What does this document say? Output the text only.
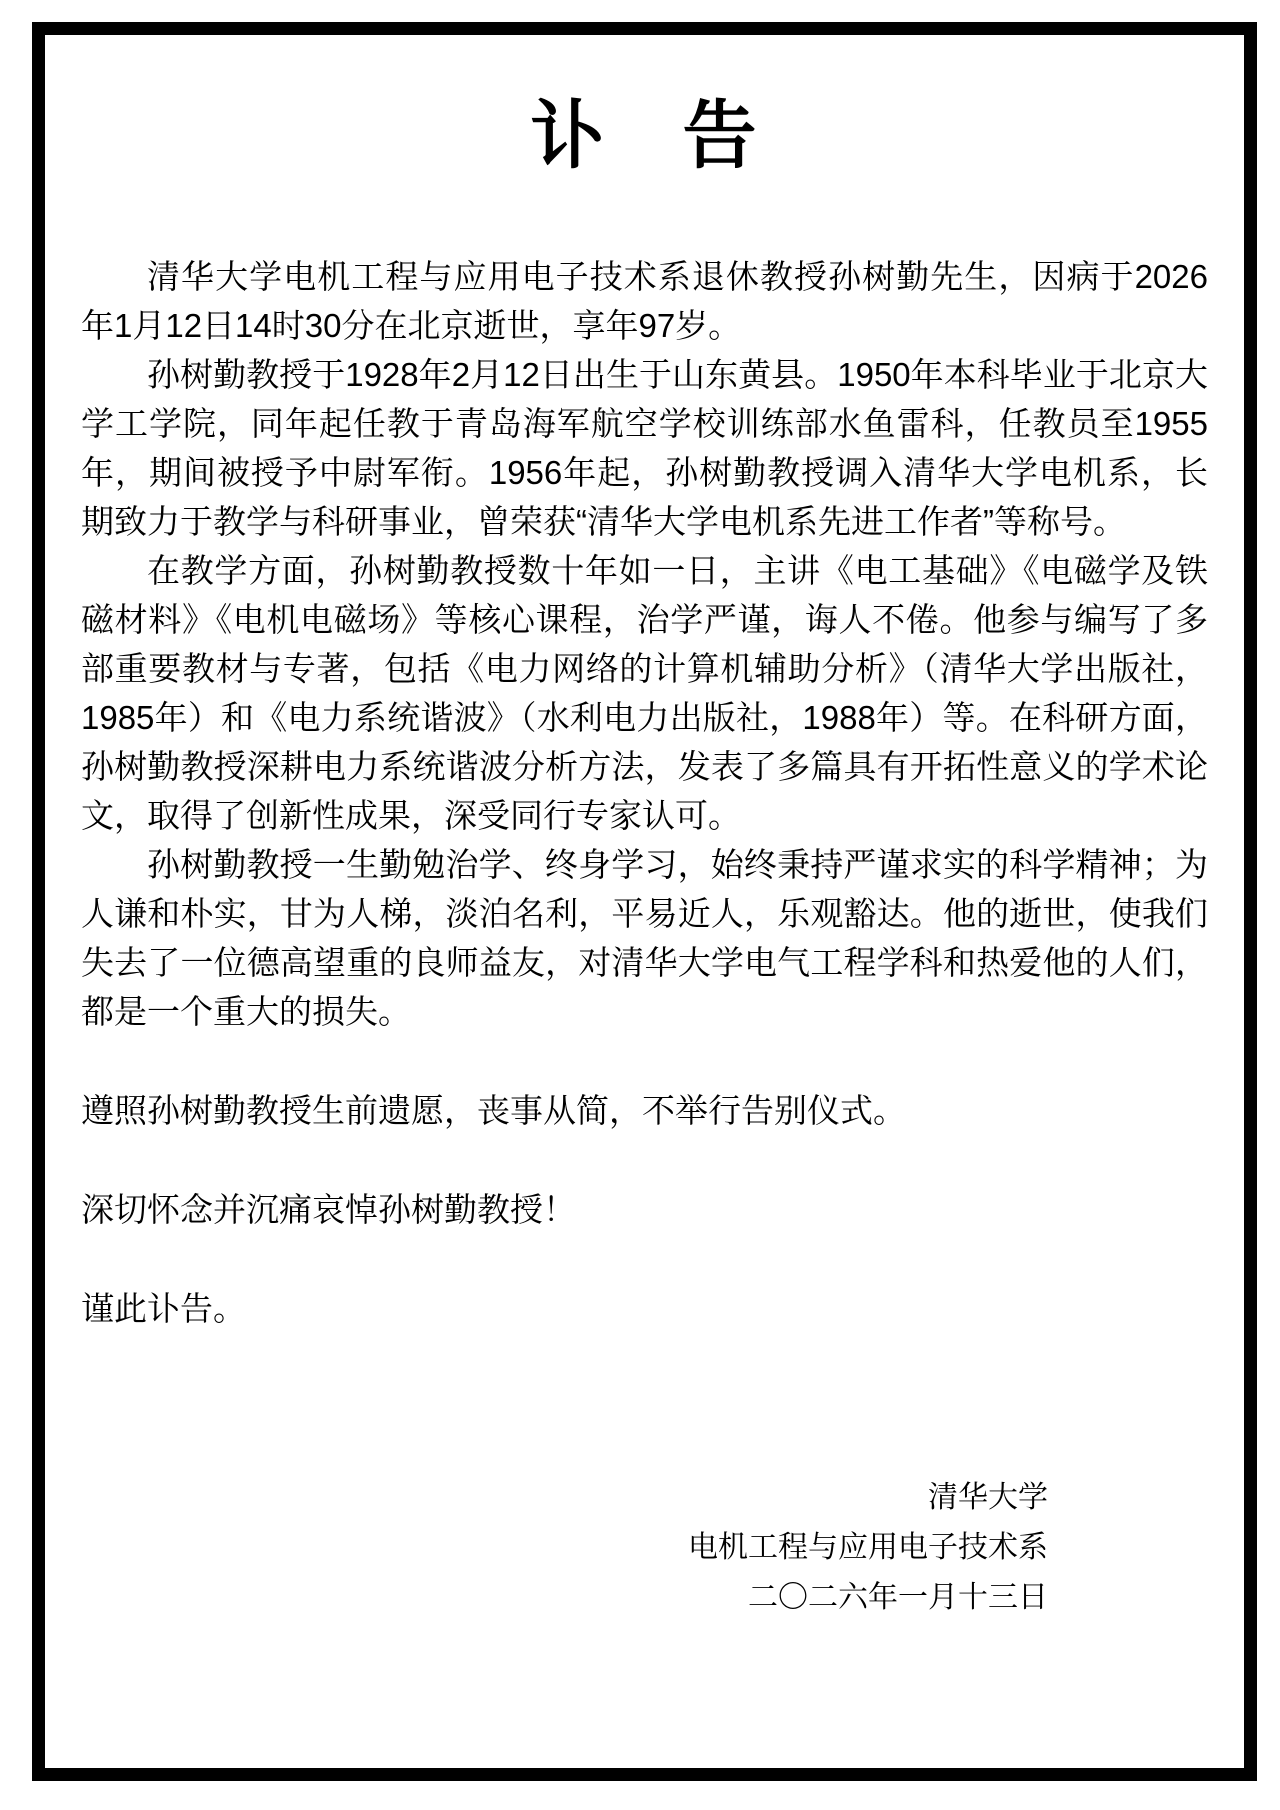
讣　告

清华大学电机工程与应用电子技术系退休教授孙树勤先生，因病于2026年1月12日14时30分在北京逝世，享年97岁。

孙树勤教授于1928年2月12日出生于山东黄县。1950年本科毕业于北京大学工学院，同年起任教于青岛海军航空学校训练部水鱼雷科，任教员至1955年，期间被授予中尉军衔。1956年起，孙树勤教授调入清华大学电机系，长期致力于教学与科研事业，曾荣获“清华大学电机系先进工作者”等称号。

在教学方面，孙树勤教授数十年如一日，主讲《电工基础》《电磁学及铁磁材料》《电机电磁场》等核心课程，治学严谨，诲人不倦。他参与编写了多部重要教材与专著，包括《电力网络的计算机辅助分析》（清华大学出版社，1985年）和《电力系统谐波》（水利电力出版社，1988年）等。在科研方面，孙树勤教授深耕电力系统谐波分析方法，发表了多篇具有开拓性意义的学术论文，取得了创新性成果，深受同行专家认可。

孙树勤教授一生勤勉治学、终身学习，始终秉持严谨求实的科学精神；为人谦和朴实，甘为人梯，淡泊名利，平易近人，乐观豁达。他的逝世，使我们失去了一位德高望重的良师益友，对清华大学电气工程学科和热爱他的人们，都是一个重大的损失。

遵照孙树勤教授生前遗愿，丧事从简，不举行告别仪式。

深切怀念并沉痛哀悼孙树勤教授！

谨此讣告。

清华大学
电机工程与应用电子技术系
二〇二六年一月十三日
